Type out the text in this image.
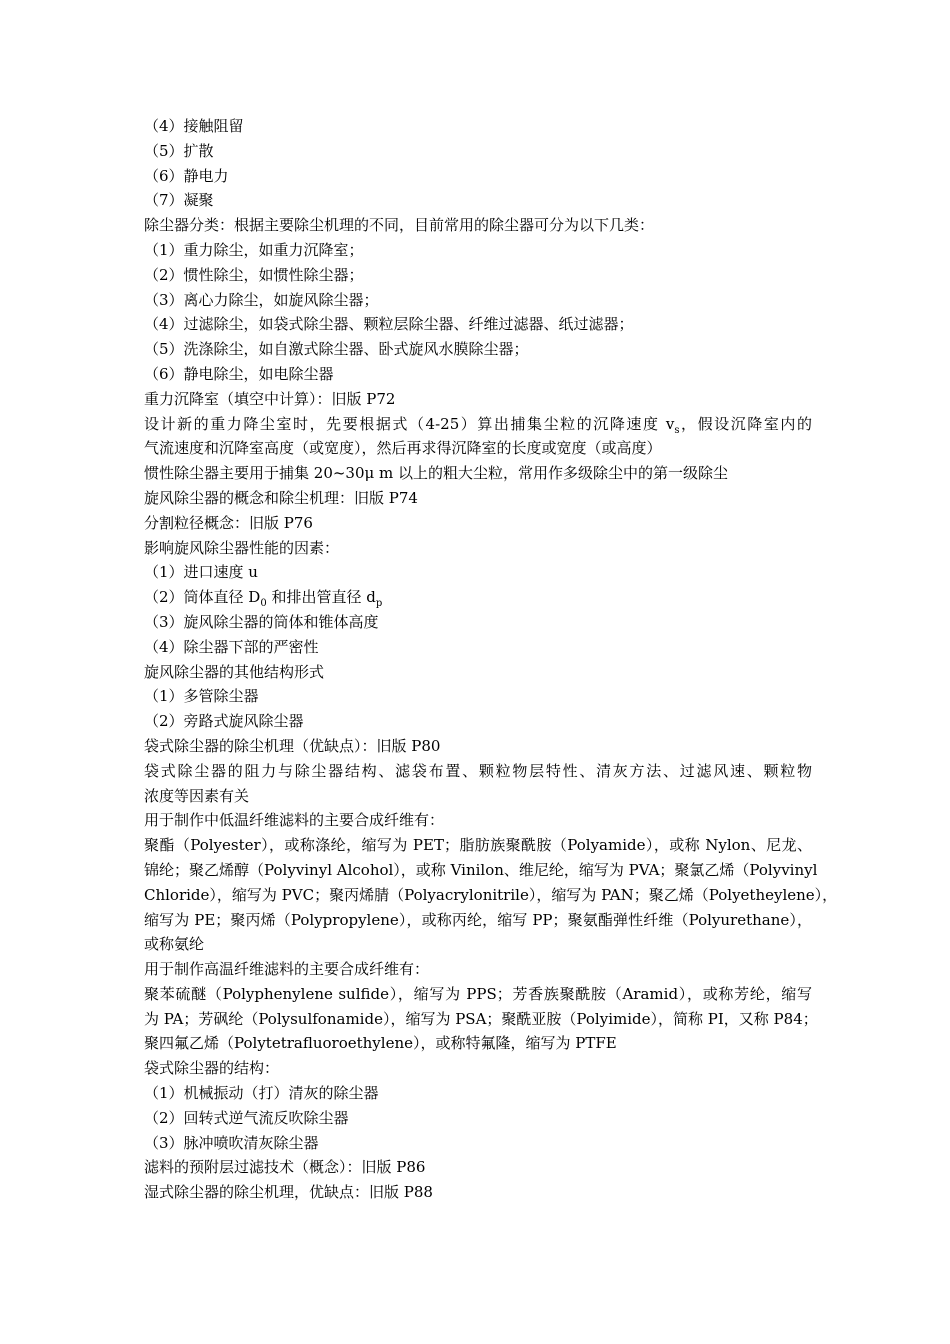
（4）接触阻留
（5）扩散
（6）静电力
（7）凝聚
除尘器分类：根据主要除尘机理的不同，目前常用的除尘器可分为以下几类：
（1）重力除尘，如重力沉降室；
（2）惯性除尘，如惯性除尘器；
（3）离心力除尘，如旋风除尘器；
（4）过滤除尘，如袋式除尘器、颗粒层除尘器、纤维过滤器、纸过滤器；
（5）洗涤除尘，如自激式除尘器、卧式旋风水膜除尘器；
（6）静电除尘，如电除尘器
重力沉降室（填空中计算）：旧版 P72
设计新的重力降尘室时，先要根据式（4-25）算出捕集尘粒的沉降速度 $v_s$，假设沉降室内的
气流速度和沉降室高度（或宽度），然后再求得沉降室的长度或宽度（或高度）
惯性除尘器主要用于捕集 20~30μ m 以上的粗大尘粒，常用作多级除尘中的第一级除尘
旋风除尘器的概念和除尘机理：旧版 P74
分割粒径概念：旧版 P76
影响旋风除尘器性能的因素：
（1）进口速度 u
（2）筒体直径 $D_0$ 和排出管直径 $d_p$
（3）旋风除尘器的筒体和锥体高度
（4）除尘器下部的严密性
旋风除尘器的其他结构形式
（1）多管除尘器
（2）旁路式旋风除尘器
袋式除尘器的除尘机理（优缺点）：旧版 P80
袋式除尘器的阻力与除尘器结构、滤袋布置、颗粒物层特性、清灰方法、过滤风速、颗粒物
浓度等因素有关
用于制作中低温纤维滤料的主要合成纤维有：
聚酯（Polyester），或称涤纶，缩写为 PET；脂肪族聚酰胺（Polyamide），或称 Nylon、尼龙、
锦纶；聚乙烯醇（Polyvinyl Alcohol），或称 Vinilon、维尼纶，缩写为 PVA；聚氯乙烯（Polyvinyl
Chloride），缩写为 PVC；聚丙烯腈（Polyacrylonitrile），缩写为 PAN；聚乙烯（Polyetheylene），
缩写为 PE；聚丙烯（Polypropylene），或称丙纶，缩写 PP；聚氨酯弹性纤维（Polyurethane），
或称氨纶
用于制作高温纤维滤料的主要合成纤维有：
聚苯硫醚（Polyphenylene sulfide），缩写为 PPS；芳香族聚酰胺（Aramid），或称芳纶，缩写
为 PA；芳砜纶（Polysulfonamide），缩写为 PSA；聚酰亚胺（Polyimide），简称 PI，又称 P84；
聚四氟乙烯（Polytetrafluoroethylene），或称特氟隆，缩写为 PTFE
袋式除尘器的结构：
（1）机械振动（打）清灰的除尘器
（2）回转式逆气流反吹除尘器
（3）脉冲喷吹清灰除尘器
滤料的预附层过滤技术（概念）：旧版 P86
湿式除尘器的除尘机理，优缺点：旧版 P88
